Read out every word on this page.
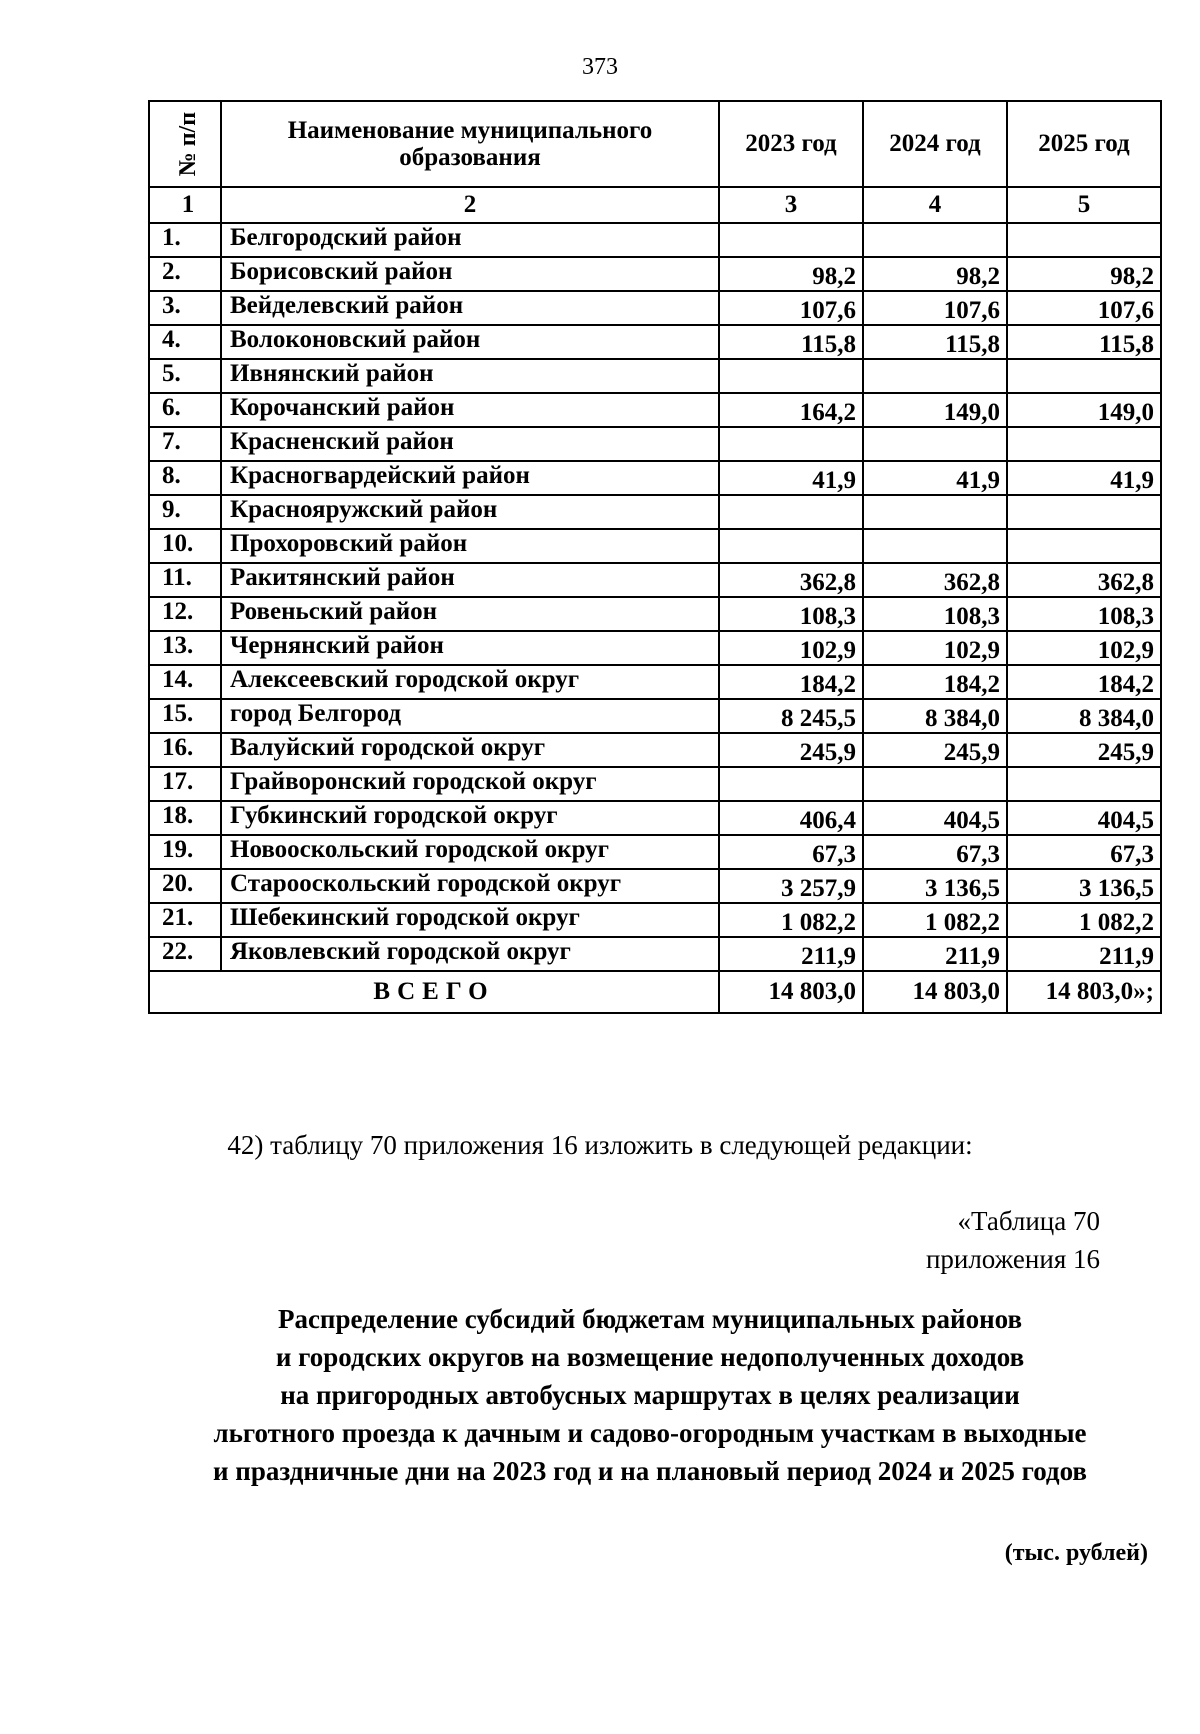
373
№ п/п	Наименование муниципального образования	2023 год	2024 год	2025 год
1	2	3	4	5
1.	Белгородский район			
2.	Борисовский район	98,2	98,2	98,2
3.	Вейделевский район	107,6	107,6	107,6
4.	Волоконовский район	115,8	115,8	115,8
5.	Ивнянский район			
6.	Корочанский район	164,2	149,0	149,0
7.	Красненский район			
8.	Красногвардейский район	41,9	41,9	41,9
9.	Краснояружский район			
10.	Прохоровский район			
11.	Ракитянский район	362,8	362,8	362,8
12.	Ровеньский район	108,3	108,3	108,3
13.	Чернянский район	102,9	102,9	102,9
14.	Алексеевский городской округ	184,2	184,2	184,2
15.	город Белгород	8 245,5	8 384,0	8 384,0
16.	Валуйский городской округ	245,9	245,9	245,9
17.	Грайворонский городской округ			
18.	Губкинский городской округ	406,4	404,5	404,5
19.	Новооскольский городской округ	67,3	67,3	67,3
20.	Старооскольский городской округ	3 257,9	3 136,5	3 136,5
21.	Шебекинский городской округ	1 082,2	1 082,2	1 082,2
22.	Яковлевский городской округ	211,9	211,9	211,9
ВСЕГО		14 803,0	14 803,0	14 803,0»;
42) таблицу 70 приложения 16 изложить в следующей редакции:
«Таблица 70
приложения 16
Распределение субсидий бюджетам муниципальных районов
и городских округов на возмещение недополученных доходов
на пригородных автобусных маршрутах в целях реализации
льготного проезда к дачным и садово-огородным участкам в выходные
и праздничные дни на 2023 год и на плановый период 2024 и 2025 годов
(тыс. рублей)
